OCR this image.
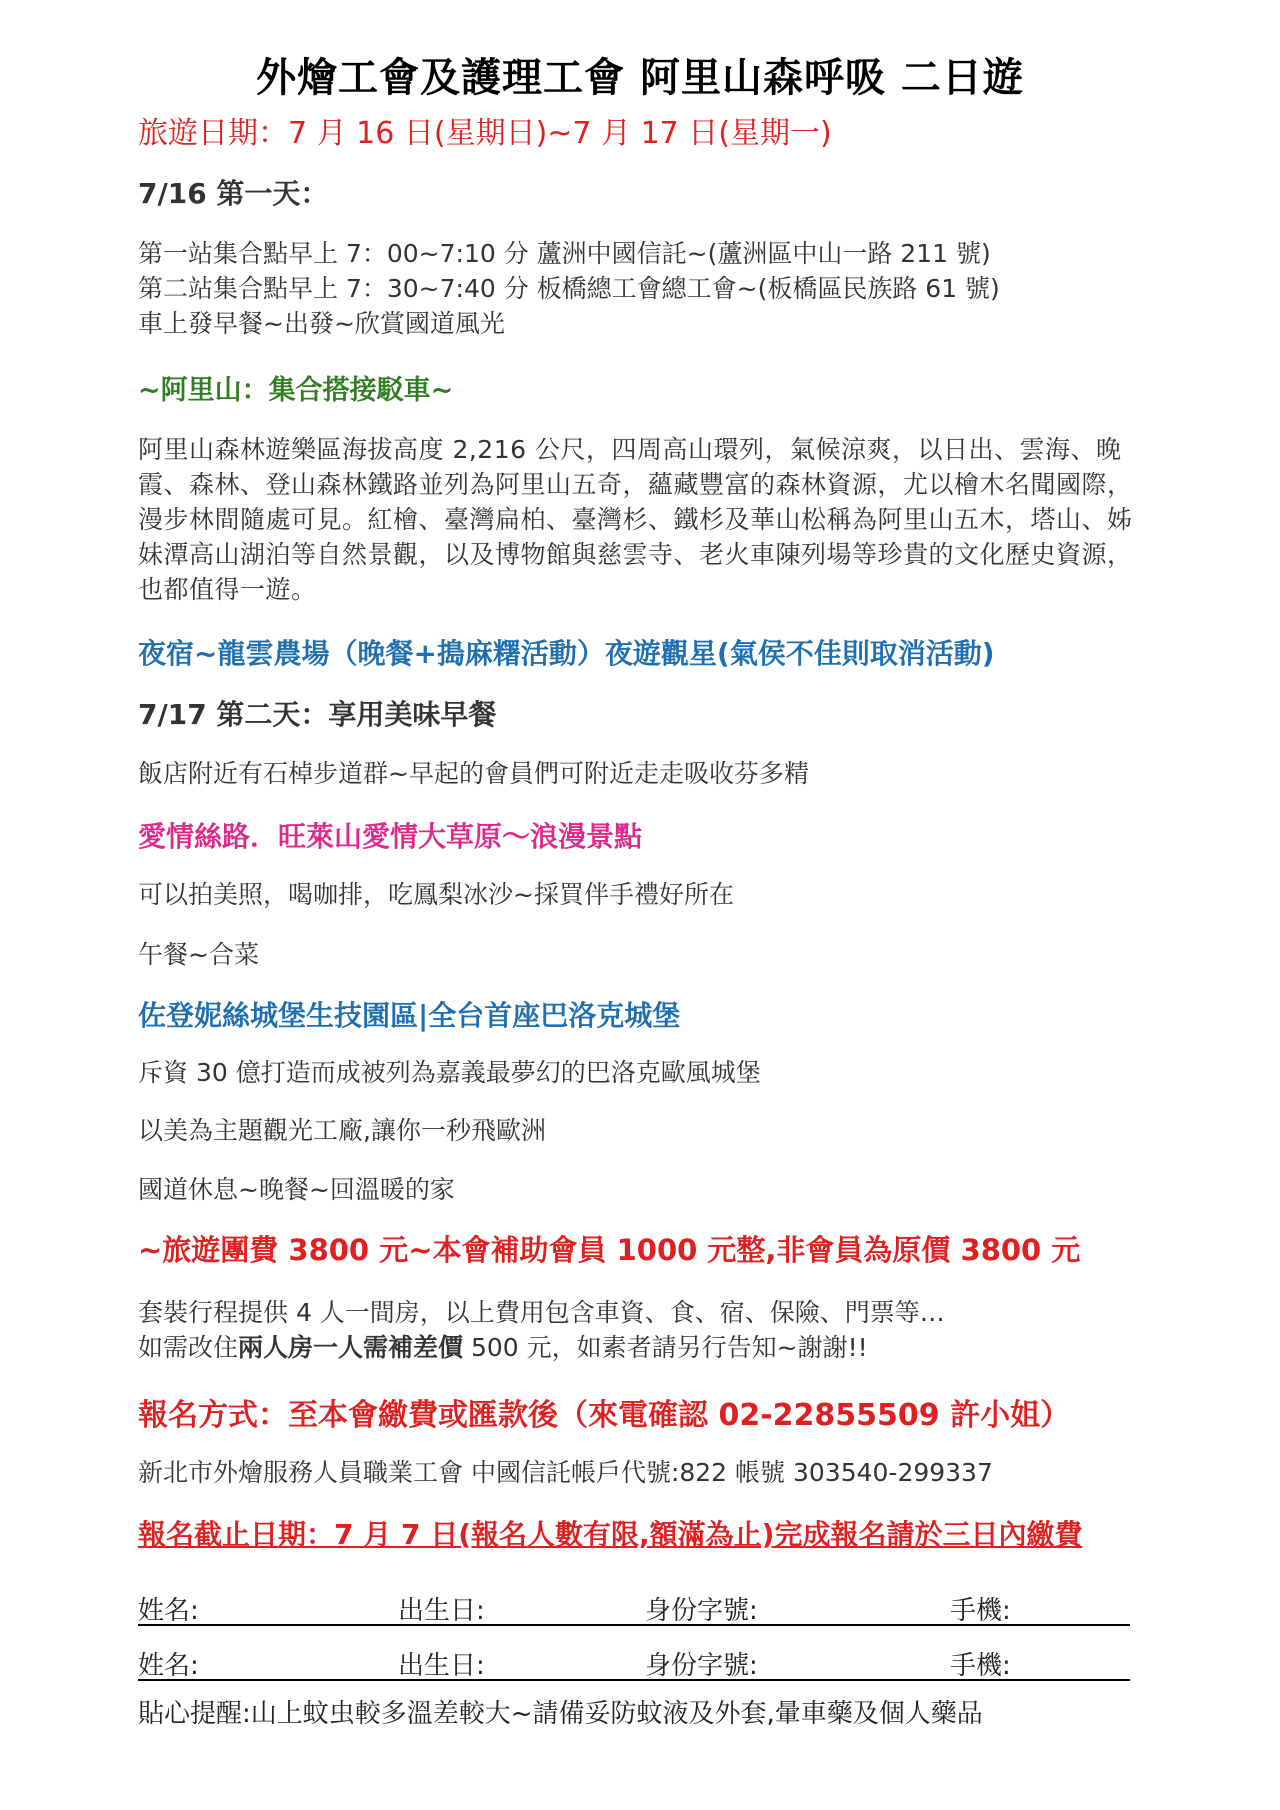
外燴工會及護理工會 阿里山森呼吸 二日遊
旅遊日期：7 月 16 日(星期日)~7 月 17 日(星期一)
7/16 第一天：
第一站集合點早上 7：00~7:10 分 蘆洲中國信託~(蘆洲區中山一路 211 號)
第二站集合點早上 7：30~7:40 分 板橋總工會總工會~(板橋區民族路 61 號)
車上發早餐~出發~欣賞國道風光
~阿里山：集合搭接駁車~
阿里山森林遊樂區海拔高度 2,216 公尺，四周高山環列，氣候涼爽，以日出、雲海、晚霞、森林、登山森林鐵路並列為阿里山五奇，蘊藏豐富的森林資源，尤以檜木名聞國際，漫步林間隨處可見。紅檜、臺灣扁柏、臺灣杉、鐵杉及華山松稱為阿里山五木，塔山、姊妹潭高山湖泊等自然景觀，以及博物館與慈雲寺、老火車陳列場等珍貴的文化歷史資源，也都值得一遊。
夜宿~龍雲農場（晚餐+搗麻糬活動）夜遊觀星(氣侯不佳則取消活動)
7/17 第二天：享用美味早餐
飯店附近有石棹步道群~早起的會員們可附近走走吸收芬多精
愛情絲路．旺萊山愛情大草原～浪漫景點
可以拍美照，喝咖排，吃鳳梨冰沙~採買伴手禮好所在
午餐~合菜
佐登妮絲城堡生技園區|全台首座巴洛克城堡
斥資 30 億打造而成被列為嘉義最夢幻的巴洛克歐風城堡
以美為主題觀光工廠,讓你一秒飛歐洲
國道休息~晚餐~回溫暖的家
~旅遊團費 3800 元~本會補助會員 1000 元整,非會員為原價 3800 元
套裝行程提供 4 人一間房，以上費用包含車資、食、宿、保險、門票等…
如需改住兩人房一人需補差價 500 元，如素者請另行告知~謝謝!!
報名方式：至本會繳費或匯款後（來電確認 02-22855509 許小姐）
新北市外燴服務人員職業工會 中國信託帳戶代號:822 帳號 303540-299337
報名截止日期：7 月 7 日(報名人數有限,額滿為止)完成報名請於三日內繳費
姓名:	出生日:	身份字號:	手機:
姓名:	出生日:	身份字號:	手機:
貼心提醒:山上蚊虫較多溫差較大~請備妥防蚊液及外套,暈車藥及個人藥品
